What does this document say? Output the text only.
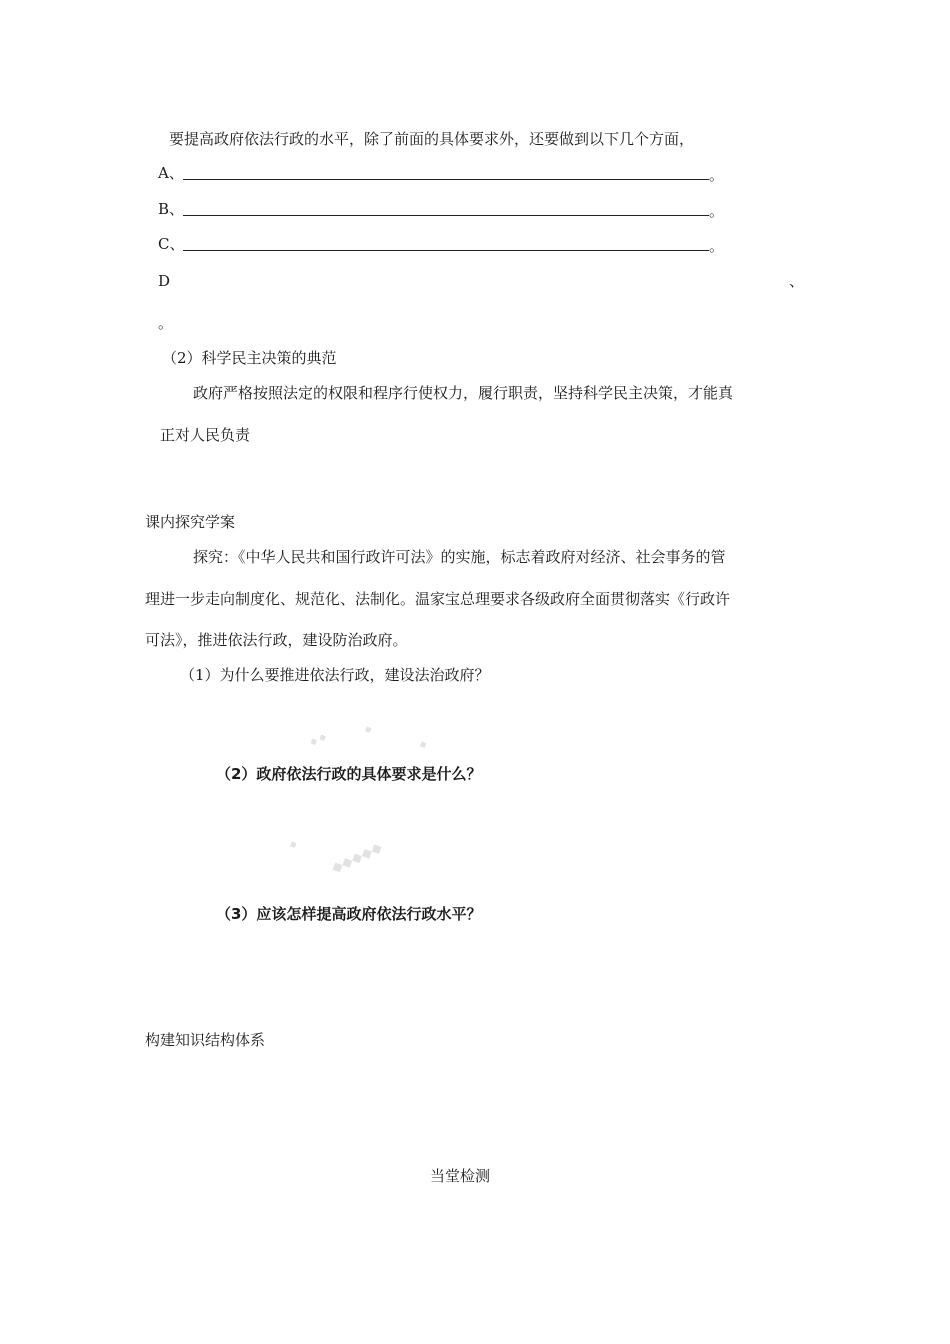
要提高政府依法行政的水平，除了前面的具体要求外，还要做到以下几个方面，
A、	。
B、	。
C、	。
D	、
。
（2）科学民主决策的典范
政府严格按照法定的权限和程序行使权力，履行职责，坚持科学民主决策，才能真
正对人民负责
课内探究学案
探究：《中华人民共和国行政许可法》的实施，标志着政府对经济、社会事务的管
理进一步走向制度化、规范化、法制化。温家宝总理要求各级政府全面贯彻落实《行政许
可法》，推进依法行政，建设防治政府。
（1）为什么要推进依法行政，建设法治政府？
◆ ◆
◆
◆
◆ ◆◆◆◆◆
（2）政府依法行政的具体要求是什么？
（3）应该怎样提高政府依法行政水平？
构建知识结构体系
当堂检测
